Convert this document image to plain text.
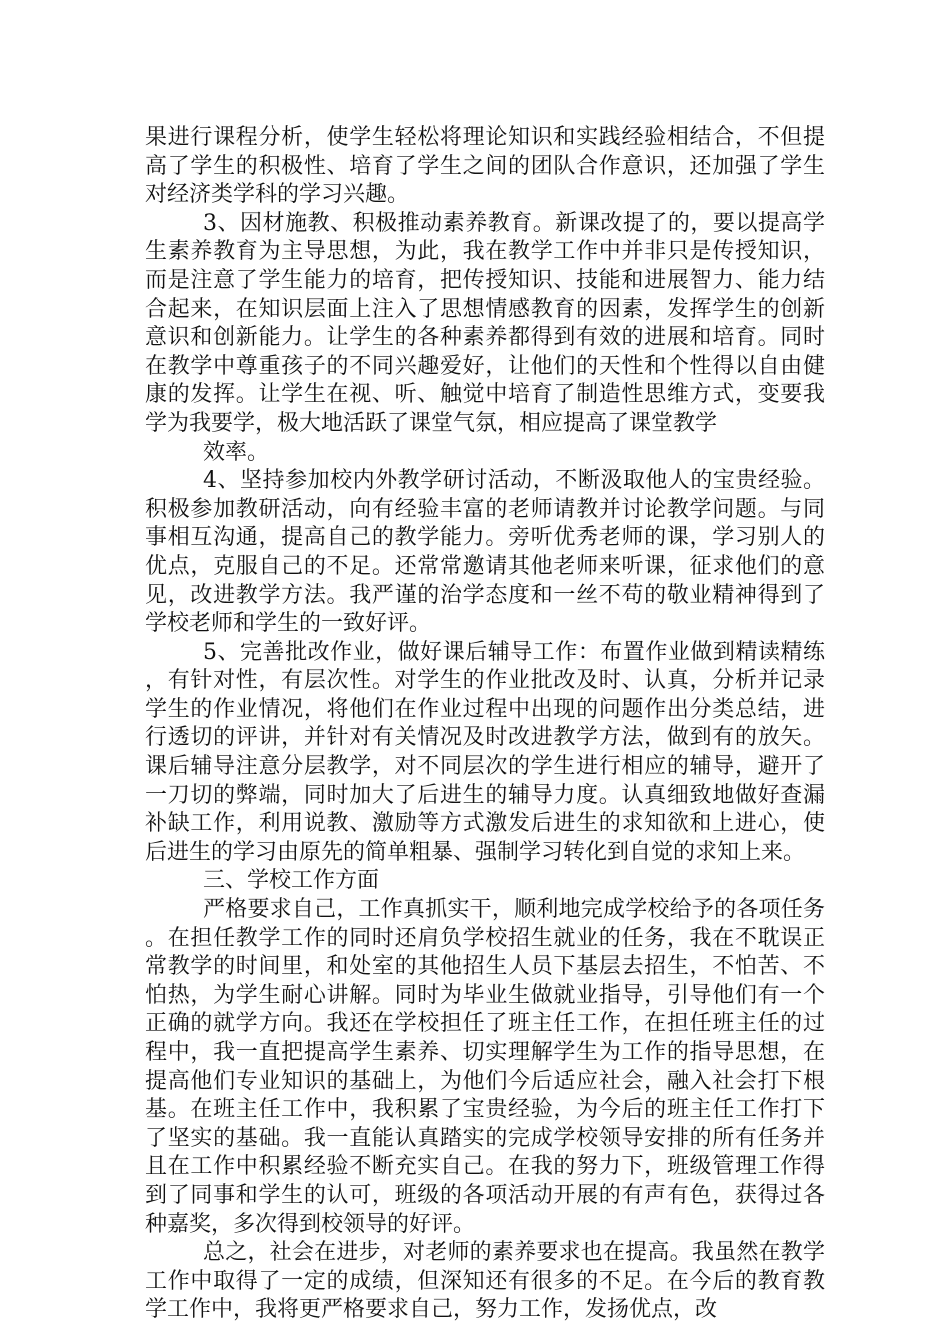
果进行课程分析，使学生轻松将理论知识和实践经验相结合，不但提高了学生的积极性、培育了学生之间的团队合作意识，还加强了学生对经济类学科的学习兴趣。

3、因材施教、积极推动素养教育。新课改提了的，要以提高学生素养教育为主导思想，为此，我在教学工作中并非只是传授知识，而是注意了学生能力的培育，把传授知识、技能和进展智力、能力结合起来，在知识层面上注入了思想情感教育的因素，发挥学生的创新意识和创新能力。让学生的各种素养都得到有效的进展和培育。同时在教学中尊重孩子的不同兴趣爱好，让他们的天性和个性得以自由健康的发挥。让学生在视、听、触觉中培育了制造性思维方式，变要我学为我要学，极大地活跃了课堂气氛，相应提高了课堂教学

效率。

4、坚持参加校内外教学研讨活动，不断汲取他人的宝贵经验。积极参加教研活动，向有经验丰富的老师请教并讨论教学问题。与同事相互沟通，提高自己的教学能力。旁听优秀老师的课，学习别人的优点，克服自己的不足。还常常邀请其他老师来听课，征求他们的意见，改进教学方法。我严谨的治学态度和一丝不苟的敬业精神得到了学校老师和学生的一致好评。

5、完善批改作业，做好课后辅导工作：布置作业做到精读精练，有针对性，有层次性。对学生的作业批改及时、认真，分析并记录学生的作业情况，将他们在作业过程中出现的问题作出分类总结，进行透切的评讲，并针对有关情况及时改进教学方法，做到有的放矢。课后辅导注意分层教学，对不同层次的学生进行相应的辅导，避开了一刀切的弊端，同时加大了后进生的辅导力度。认真细致地做好查漏补缺工作，利用说教、激励等方式激发后进生的求知欲和上进心，使后进生的学习由原先的简单粗暴、强制学习转化到自觉的求知上来。

三、学校工作方面

严格要求自己，工作真抓实干，顺利地完成学校给予的各项任务。在担任教学工作的同时还肩负学校招生就业的任务，我在不耽误正常教学的时间里，和处室的其他招生人员下基层去招生，不怕苦、不怕热，为学生耐心讲解。同时为毕业生做就业指导，引导他们有一个正确的就学方向。我还在学校担任了班主任工作，在担任班主任的过程中，我一直把提高学生素养、切实理解学生为工作的指导思想，在提高他们专业知识的基础上，为他们今后适应社会，融入社会打下根基。在班主任工作中，我积累了宝贵经验，为今后的班主任工作打下了坚实的基础。我一直能认真踏实的完成学校领导安排的所有任务并且在工作中积累经验不断充实自己。在我的努力下，班级管理工作得到了同事和学生的认可，班级的各项活动开展的有声有色，获得过各种嘉奖，多次得到校领导的好评。

总之，社会在进步，对老师的素养要求也在提高。我虽然在教学工作中取得了一定的成绩，但深知还有很多的不足。在今后的教育教学工作中，我将更严格要求自己，努力工作，发扬优点，改
